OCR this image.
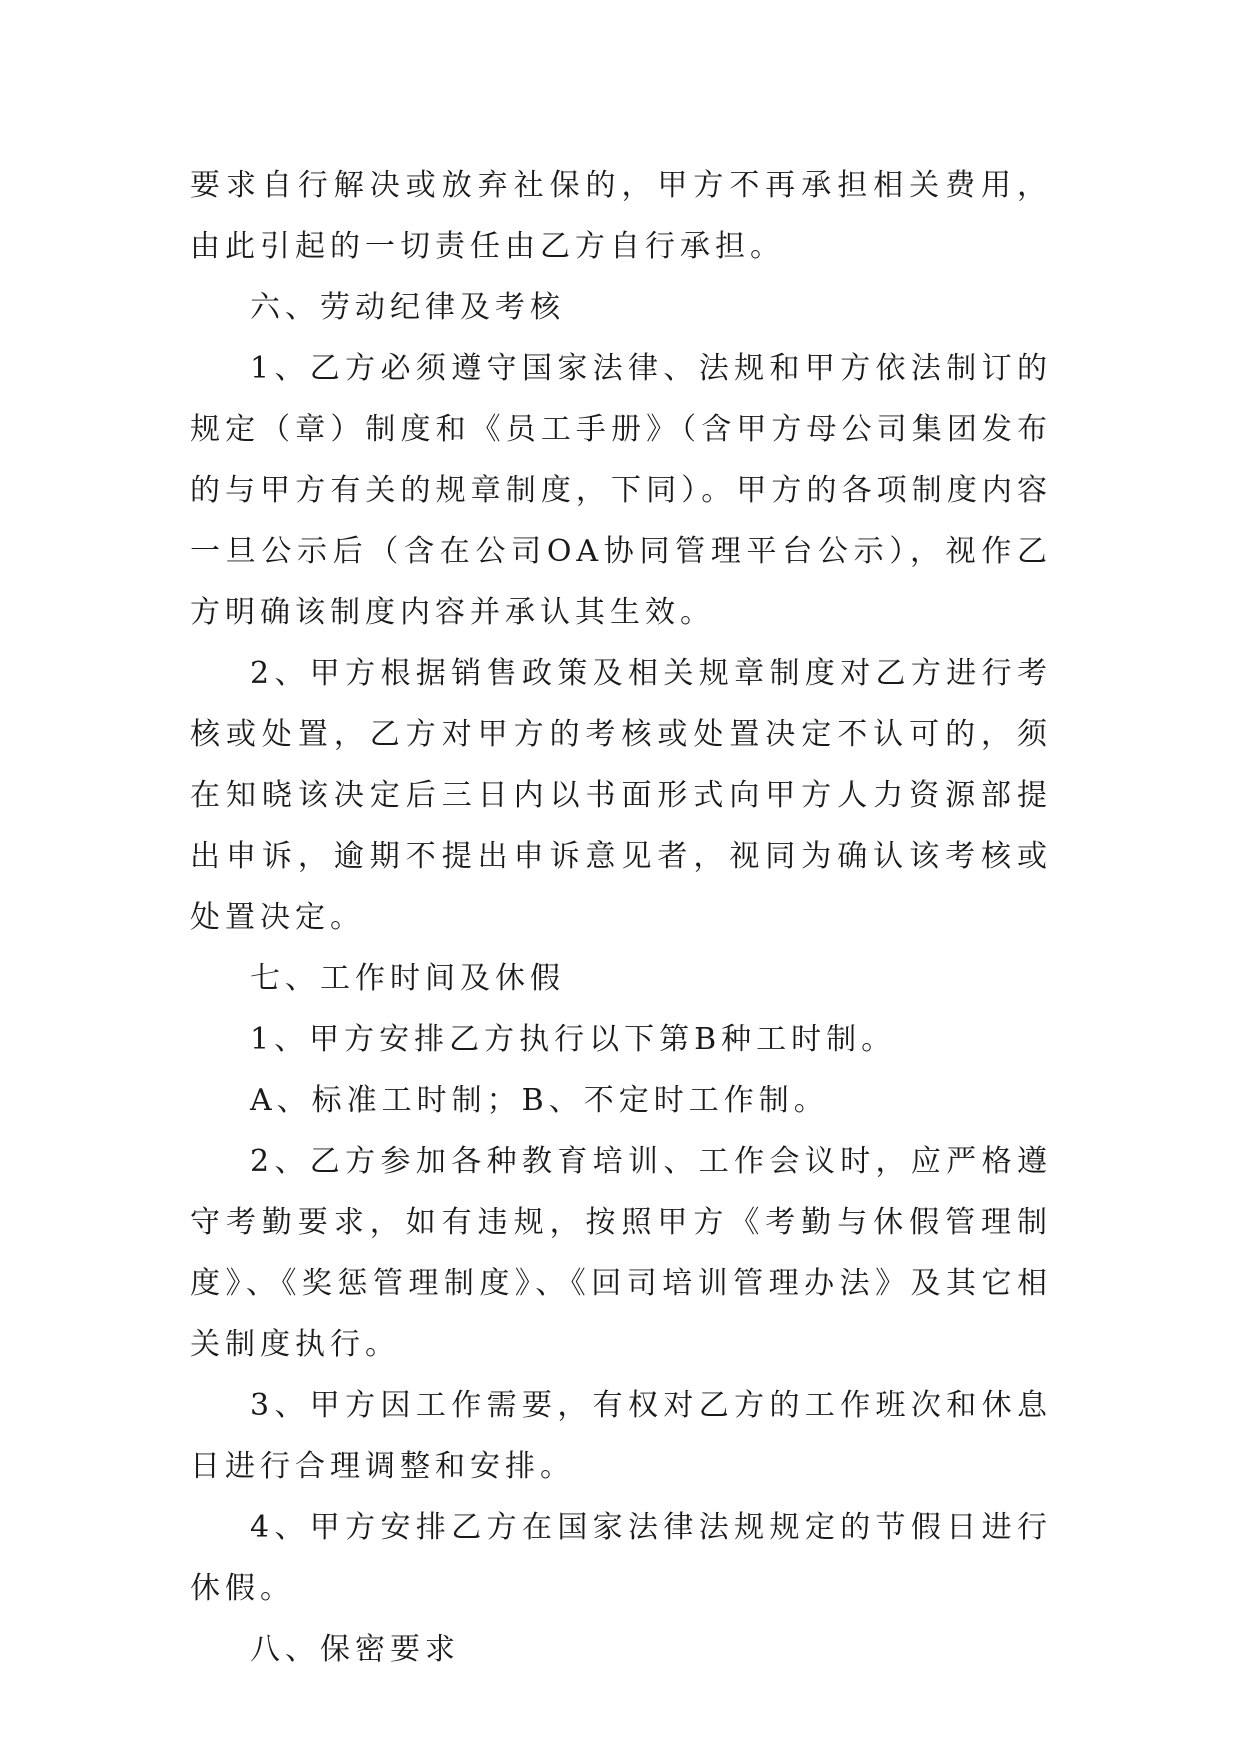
要求自行解决或放弃社保的，甲方不再承担相关费用，由此引起的一切责任由乙方自行承担。

六、劳动纪律及考核

1、乙方必须遵守国家法律、法规和甲方依法制订的规定（章）制度和《员工手册》（含甲方母公司集团发布的与甲方有关的规章制度，下同）。甲方的各项制度内容一旦公示后（含在公司OA协同管理平台公示），视作乙方明确该制度内容并承认其生效。

2、甲方根据销售政策及相关规章制度对乙方进行考核或处置，乙方对甲方的考核或处置决定不认可的，须在知晓该决定后三日内以书面形式向甲方人力资源部提出申诉，逾期不提出申诉意见者，视同为确认该考核或处置决定。

七、工作时间及休假

1、甲方安排乙方执行以下第B种工时制。

A、标准工时制；B、不定时工作制。

2、乙方参加各种教育培训、工作会议时，应严格遵守考勤要求，如有违规，按照甲方《考勤与休假管理制度》、《奖惩管理制度》、《回司培训管理办法》及其它相关制度执行。

3、甲方因工作需要，有权对乙方的工作班次和休息日进行合理调整和安排。

4、甲方安排乙方在国家法律法规规定的节假日进行休假。

八、保密要求
